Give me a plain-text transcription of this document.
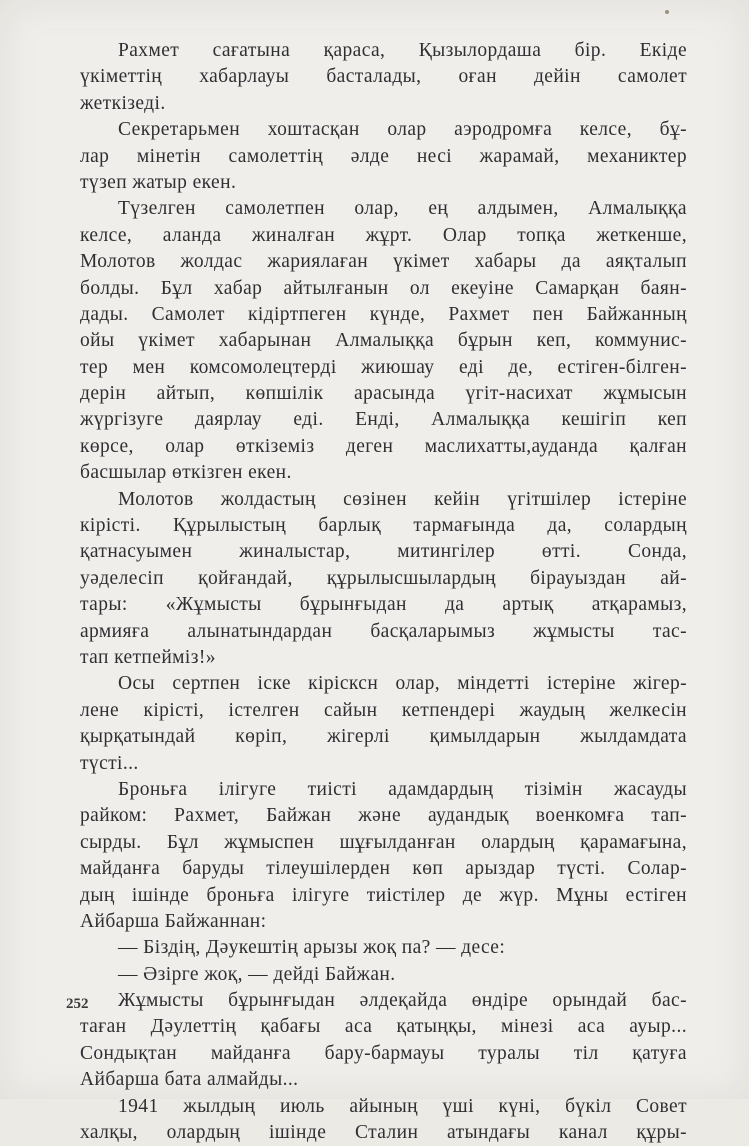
Рахмет сағатына қараса, Қызылордаша бір. Екіде
үкіметтің хабарлауы басталады, оған дейін самолет
жеткізеді.
Секретарьмен хоштасқан олар аэродромға келсе, бұ-
лар мінетін самолеттің әлде несі жарамай, механиктер
түзеп жатыр екен.
Түзелген самолетпен олар, ең алдымен, Алмалыққа
келсе, аланда жиналған жұрт. Олар топқа жеткенше,
Молотов жолдас жариялаған үкімет хабары да аяқталып
болды. Бұл хабар айтылғанын ол екеуіне Самарқан баян-
дады. Самолет кідіртпеген күнде, Рахмет пен Байжанның
ойы үкімет хабарынан Алмалыққа бұрын кеп, коммунис-
тер мен комсомолецтерді жиюшау еді де, естіген-білген-
дерін айтып, көпшілік арасында үгіт-насихат жұмысын
жүргізуге даярлау еді. Енді, Алмалыққа кешігіп кеп
көрсе, олар өткіземіз деген маслихатты,ауданда қалған
басшылар өткізген екен.
Молотов жолдастың сөзінен кейін үгітшілер істеріне
кірісті. Құрылыстың барлық тармағында да, солардың
қатнасуымен жиналыстар, митингілер өтті. Сонда,
уәделесіп қойғандай, құрылысшылардың бірауыздан ай-
тары: «Жұмысты бұрынғыдан да артық атқарамыз,
армияға алынатындардан басқаларымыз жұмысты тас-
тап кетпейміз!»
Осы сертпен іске кірісксн олар, міндетті істеріне жігер-
лене кірісті, істелген сайын кетпендері жаудың желкесін
қырқатындай көріп, жігерлі қимылдарын жылдамдата
түсті...
Броньға ілігуге тиісті адамдардың тізімін жасауды
райком: Рахмет, Байжан және аудандық военкомға тап-
сырды. Бұл жұмыспен шұғылданған олардың қарамағына,
майданға баруды тілеушілерден көп арыздар түсті. Солар-
дың ішінде броньға ілігуге тиістілер де жүр. Мұны естіген
Айбарша Байжаннан:
— Біздің, Дәукештің арызы жоқ па? — десе:
— Әзірге жоқ, — дейді Байжан.
Жұмысты бұрынғыдан әлдеқайда өндіре орындай бас-
таған Дәулеттің қабағы аса қатыңқы, мінезі аса ауыр...
Сондықтан майданға бару-бармауы туралы тіл қатуға
Айбарша бата алмайды...
1941 жылдың июль айының үші күні, бүкіл Совет
халқы, олардың ішінде Сталин атындағы канал құры-
252
